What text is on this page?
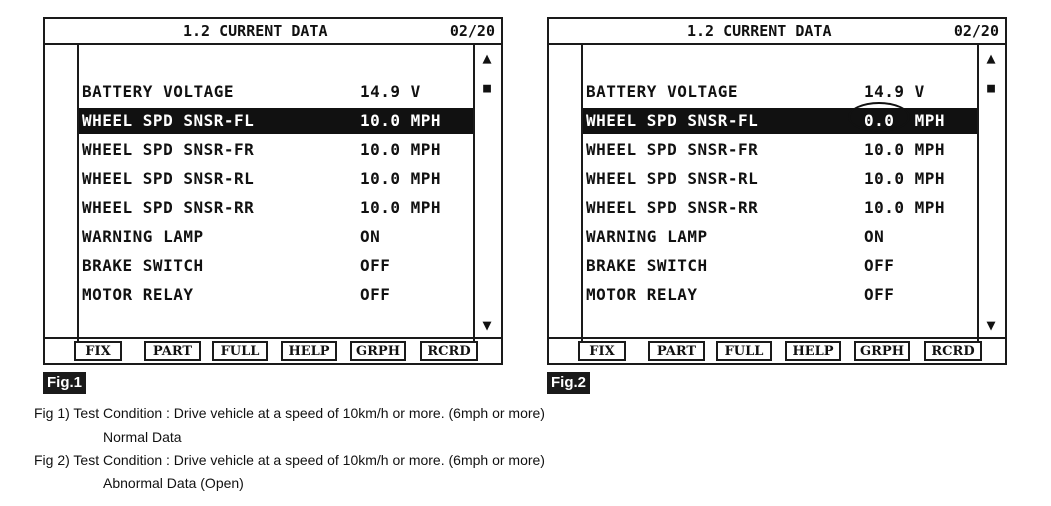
1.2 CURRENT DATA	02/20
BATTERY VOLTAGE	14.9 V
WHEEL SPD SNSR-FL	10.0 MPH
WHEEL SPD SNSR-FR	10.0 MPH
WHEEL SPD SNSR-RL	10.0 MPH
WHEEL SPD SNSR-RR	10.0 MPH
WARNING LAMP	ON
BRAKE SWITCH	OFF
MOTOR RELAY	OFF
▲
■
▼
FIX	PART	FULL	HELP	GRPH	RCRD
1.2 CURRENT DATA	02/20
BATTERY VOLTAGE	14.9 V
WHEEL SPD SNSR-FL	0.0  MPH
WHEEL SPD SNSR-FR	10.0 MPH
WHEEL SPD SNSR-RL	10.0 MPH
WHEEL SPD SNSR-RR	10.0 MPH
WARNING LAMP	ON
BRAKE SWITCH	OFF
MOTOR RELAY	OFF
▲
■
▼
FIX	PART	FULL	HELP	GRPH	RCRD
Fig.1	Fig.2
Fig 1) Test Condition : Drive vehicle at a speed of 10km/h or more. (6mph or more)
Normal Data
Fig 2) Test Condition : Drive vehicle at a speed of 10km/h or more. (6mph or more)
Abnormal Data (Open)
